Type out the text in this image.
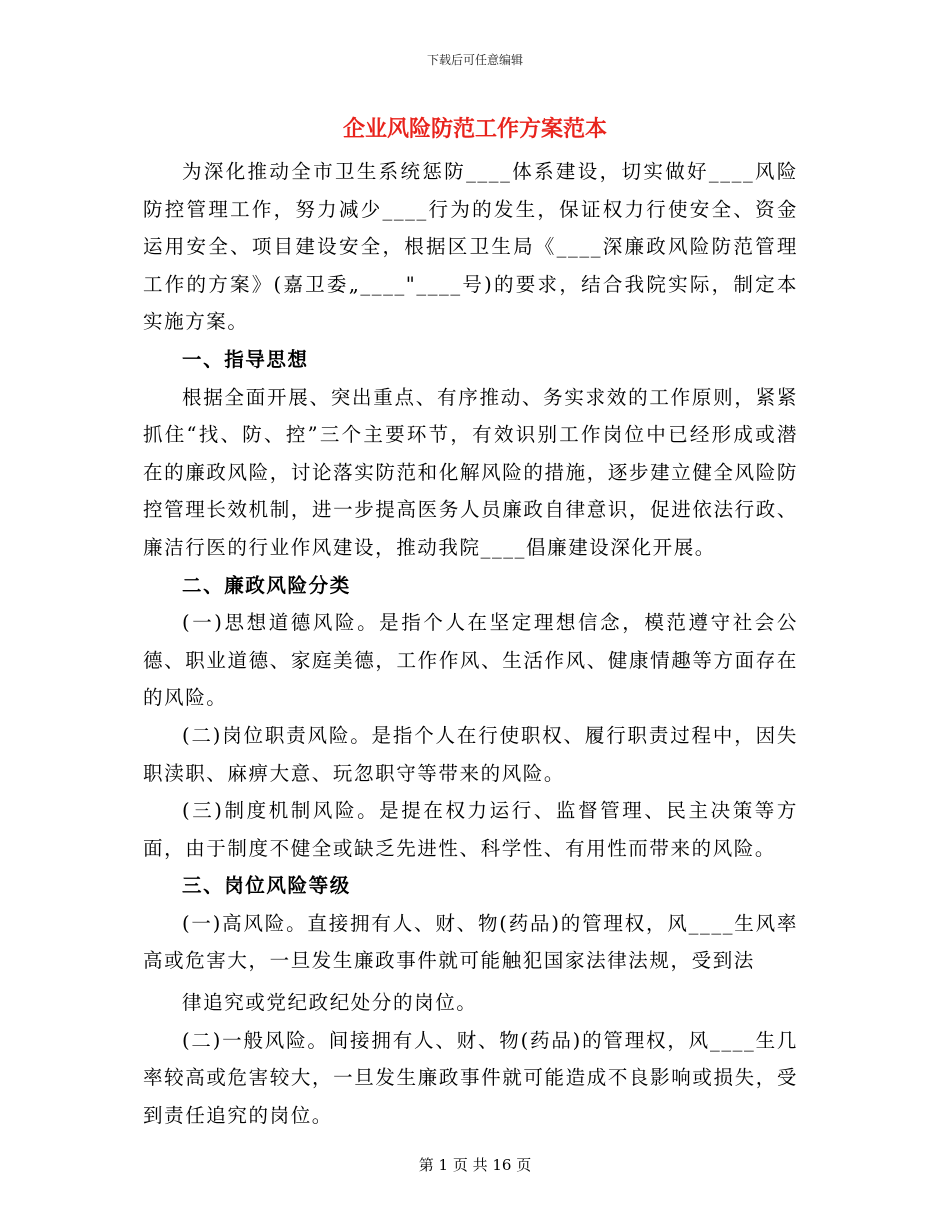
下载后可任意编辑
企业风险防范工作方案范本

为深化推动全市卫生系统惩防____体系建设，切实做好____风险防控管理工作，努力减少____行为的发生，保证权力行使安全、资金运用安全、项目建设安全，根据区卫生局《____深廉政风险防范管理工作的方案》(嘉卫委„____"____号)的要求，结合我院实际，制定本实施方案。

一、指导思想

根据全面开展、突出重点、有序推动、务实求效的工作原则，紧紧抓住“找、防、控”三个主要环节，有效识别工作岗位中已经形成或潜在的廉政风险，讨论落实防范和化解风险的措施，逐步建立健全风险防控管理长效机制，进一步提高医务人员廉政自律意识，促进依法行政、廉洁行医的行业作风建设，推动我院____倡廉建设深化开展。

二、廉政风险分类

(一)思想道德风险。是指个人在坚定理想信念，模范遵守社会公德、职业道德、家庭美德，工作作风、生活作风、健康情趣等方面存在的风险。

(二)岗位职责风险。是指个人在行使职权、履行职责过程中，因失职渎职、麻痹大意、玩忽职守等带来的风险。

(三)制度机制风险。是提在权力运行、监督管理、民主决策等方面，由于制度不健全或缺乏先进性、科学性、有用性而带来的风险。

三、岗位风险等级

(一)高风险。直接拥有人、财、物(药品)的管理权，风____生风率高或危害大，一旦发生廉政事件就可能触犯国家法律法规，受到法

律追究或党纪政纪处分的岗位。

(二)一般风险。间接拥有人、财、物(药品)的管理权，风____生几率较高或危害较大，一旦发生廉政事件就可能造成不良影响或损失，受到责任追究的岗位。

第 1 页 共 16 页
